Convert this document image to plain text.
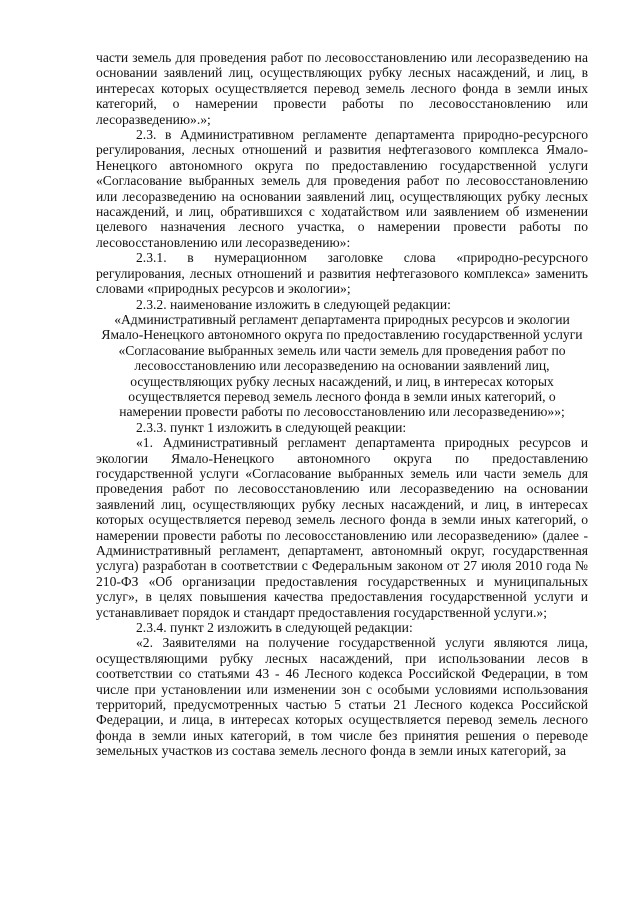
части земель для проведения работ по лесовосстановлению или лесоразведению на основании заявлений лиц, осуществляющих рубку лесных насаждений, и лиц, в интересах которых осуществляется перевод земель лесного фонда в земли иных категорий, о намерении провести работы по лесовосстановлению или лесоразведению».»;

2.3. в Административном регламенте департамента природно-ресурсного регулирования, лесных отношений и развития нефтегазового комплекса Ямало-Ненецкого автономного округа по предоставлению государственной услуги «Согласование выбранных земель для проведения работ по лесовосстановлению или лесоразведению на основании заявлений лиц, осуществляющих рубку лесных насаждений, и лиц, обратившихся с ходатайством или заявлением об изменении целевого назначения лесного участка, о намерении провести работы по лесовосстановлению или лесоразведению»:

2.3.1. в нумерационном заголовке слова «природно-ресурсного регулирования, лесных отношений и развития нефтегазового комплекса» заменить словами «природных ресурсов и экологии»;

2.3.2. наименование изложить в следующей редакции:

«Административный регламент департамента природных ресурсов и экологии Ямало-Ненецкого автономного округа по предоставлению государственной услуги «Согласование выбранных земель или части земель для проведения работ по лесовосстановлению или лесоразведению на основании заявлений лиц, осуществляющих рубку лесных насаждений, и лиц, в интересах которых осуществляется перевод земель лесного фонда в земли иных категорий, о намерении провести работы по лесовосстановлению или лесоразведению»»;

2.3.3. пункт 1 изложить в следующей реакции:

«1. Административный регламент департамента природных ресурсов и экологии Ямало-Ненецкого автономного округа по предоставлению государственной услуги «Согласование выбранных земель или части земель для проведения работ по лесовосстановлению или лесоразведению на основании заявлений лиц, осуществляющих рубку лесных насаждений, и лиц, в интересах которых осуществляется перевод земель лесного фонда в земли иных категорий, о намерении провести работы по лесовосстановлению или лесоразведению» (далее - Административный регламент, департамент, автономный округ, государственная услуга) разработан в соответствии с Федеральным законом от 27 июля 2010 года № 210-ФЗ «Об организации предоставления государственных и муниципальных услуг», в целях повышения качества предоставления государственной услуги и устанавливает порядок и стандарт предоставления государственной услуги.»;

2.3.4. пункт 2 изложить в следующей редакции:

«2. Заявителями на получение государственной услуги являются лица, осуществляющими рубку лесных насаждений, при использовании лесов в соответствии со статьями 43 - 46 Лесного кодекса Российской Федерации, в том числе при установлении или изменении зон с особыми условиями использования территорий, предусмотренных частью 5 статьи 21 Лесного кодекса Российской Федерации, и лица, в интересах которых осуществляется перевод земель лесного фонда в земли иных категорий, в том числе без принятия решения о переводе земельных участков из состава земель лесного фонда в земли иных категорий, за
